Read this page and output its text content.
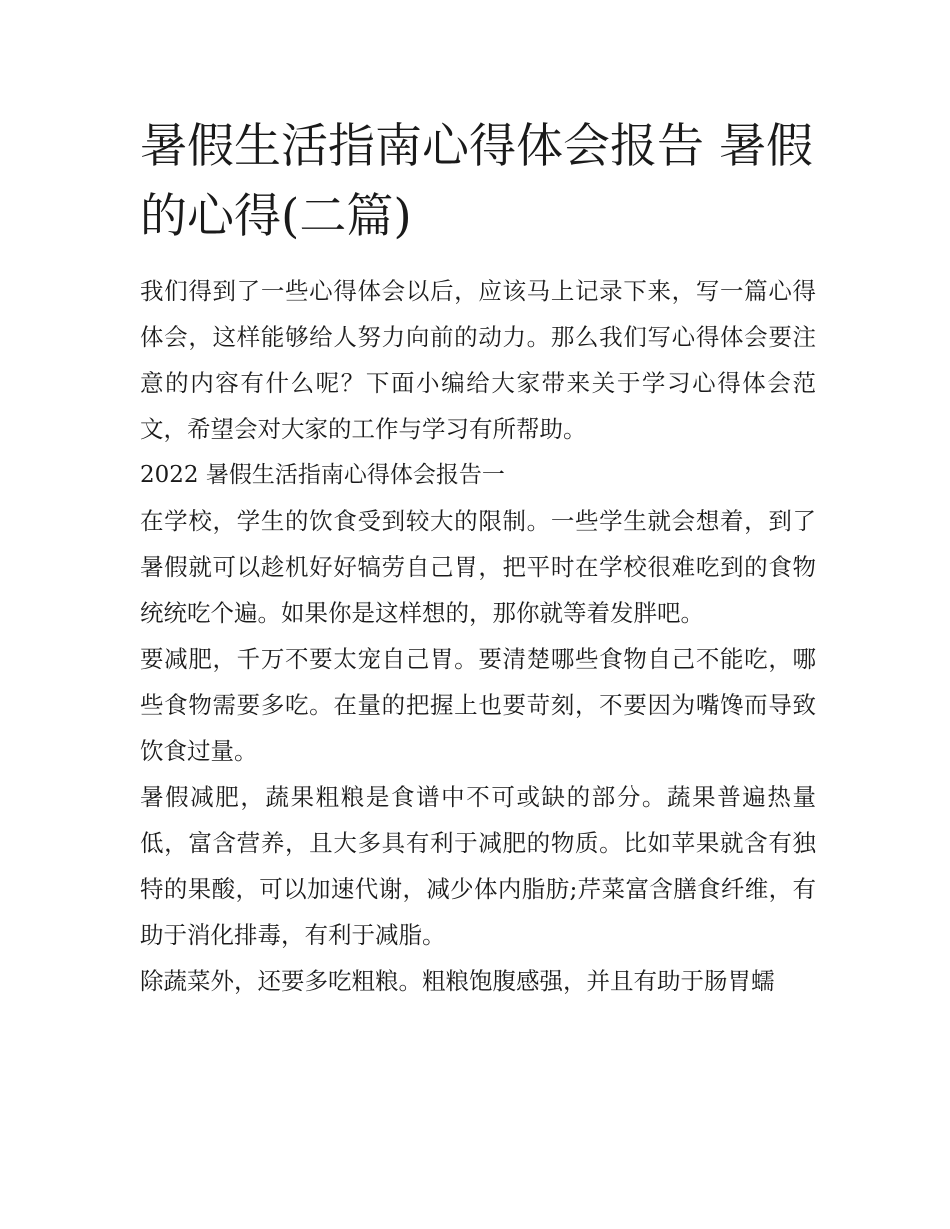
暑假生活指南心得体会报告 暑假的心得(二篇)

我们得到了一些心得体会以后，应该马上记录下来，写一篇心得体会，这样能够给人努力向前的动力。那么我们写心得体会要注意的内容有什么呢？下面小编给大家带来关于学习心得体会范文，希望会对大家的工作与学习有所帮助。

2022 暑假生活指南心得体会报告一

在学校，学生的饮食受到较大的限制。一些学生就会想着，到了暑假就可以趁机好好犒劳自己胃，把平时在学校很难吃到的食物统统吃个遍。如果你是这样想的，那你就等着发胖吧。

要减肥，千万不要太宠自己胃。要清楚哪些食物自己不能吃，哪些食物需要多吃。在量的把握上也要苛刻，不要因为嘴馋而导致饮食过量。

暑假减肥，蔬果粗粮是食谱中不可或缺的部分。蔬果普遍热量低，富含营养，且大多具有利于减肥的物质。比如苹果就含有独特的果酸，可以加速代谢，减少体内脂肪;芹菜富含膳食纤维，有助于消化排毒，有利于减脂。

除蔬菜外，还要多吃粗粮。粗粮饱腹感强，并且有助于肠胃蠕
